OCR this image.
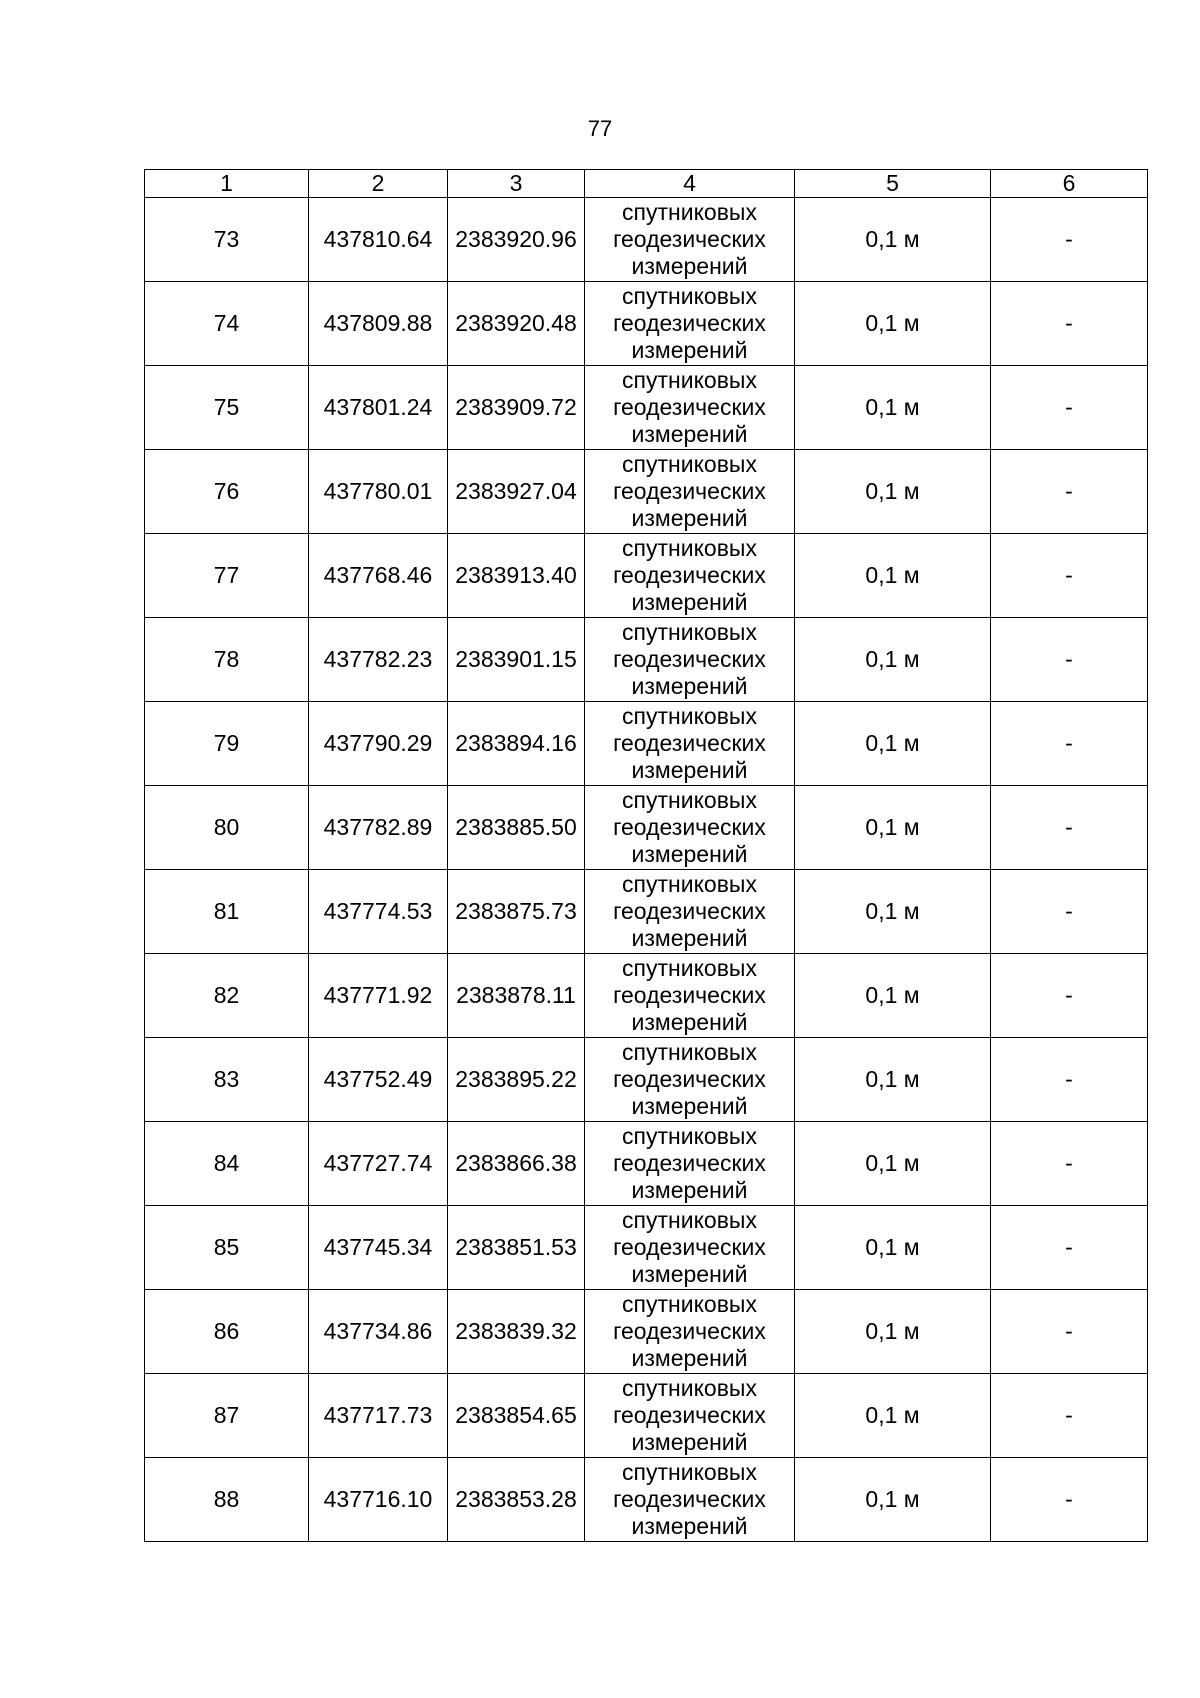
77
1	2	3	4	5	6
73	437810.64	2383920.96	спутниковых
геодезических
измерений	0,1 м	-
74	437809.88	2383920.48	спутниковых
геодезических
измерений	0,1 м	-
75	437801.24	2383909.72	спутниковых
геодезических
измерений	0,1 м	-
76	437780.01	2383927.04	спутниковых
геодезических
измерений	0,1 м	-
77	437768.46	2383913.40	спутниковых
геодезических
измерений	0,1 м	-
78	437782.23	2383901.15	спутниковых
геодезических
измерений	0,1 м	-
79	437790.29	2383894.16	спутниковых
геодезических
измерений	0,1 м	-
80	437782.89	2383885.50	спутниковых
геодезических
измерений	0,1 м	-
81	437774.53	2383875.73	спутниковых
геодезических
измерений	0,1 м	-
82	437771.92	2383878.11	спутниковых
геодезических
измерений	0,1 м	-
83	437752.49	2383895.22	спутниковых
геодезических
измерений	0,1 м	-
84	437727.74	2383866.38	спутниковых
геодезических
измерений	0,1 м	-
85	437745.34	2383851.53	спутниковых
геодезических
измерений	0,1 м	-
86	437734.86	2383839.32	спутниковых
геодезических
измерений	0,1 м	-
87	437717.73	2383854.65	спутниковых
геодезических
измерений	0,1 м	-
88	437716.10	2383853.28	спутниковых
геодезических
измерений	0,1 м	-
